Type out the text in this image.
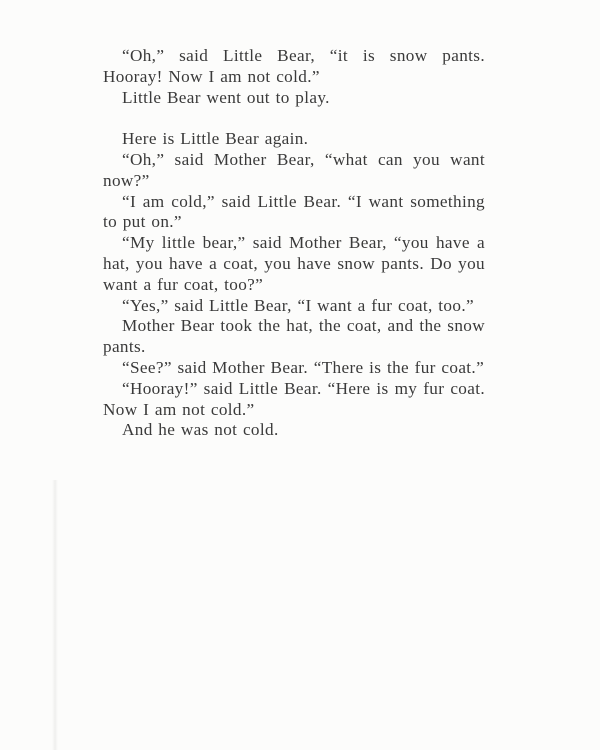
“Oh,” said Little Bear, “it is snow pants. Hooray! Now I am not cold.”

Little Bear went out to play.

Here is Little Bear again.

“Oh,” said Mother Bear, “what can you want now?”

“I am cold,” said Little Bear. “I want something to put on.”

“My little bear,” said Mother Bear, “you have a hat, you have a coat, you have snow pants. Do you want a fur coat, too?”

“Yes,” said Little Bear, “I want a fur coat, too.”

Mother Bear took the hat, the coat, and the snow pants.

“See?” said Mother Bear. “There is the fur coat.”

“Hooray!” said Little Bear. “Here is my fur coat. Now I am not cold.”

And he was not cold.
